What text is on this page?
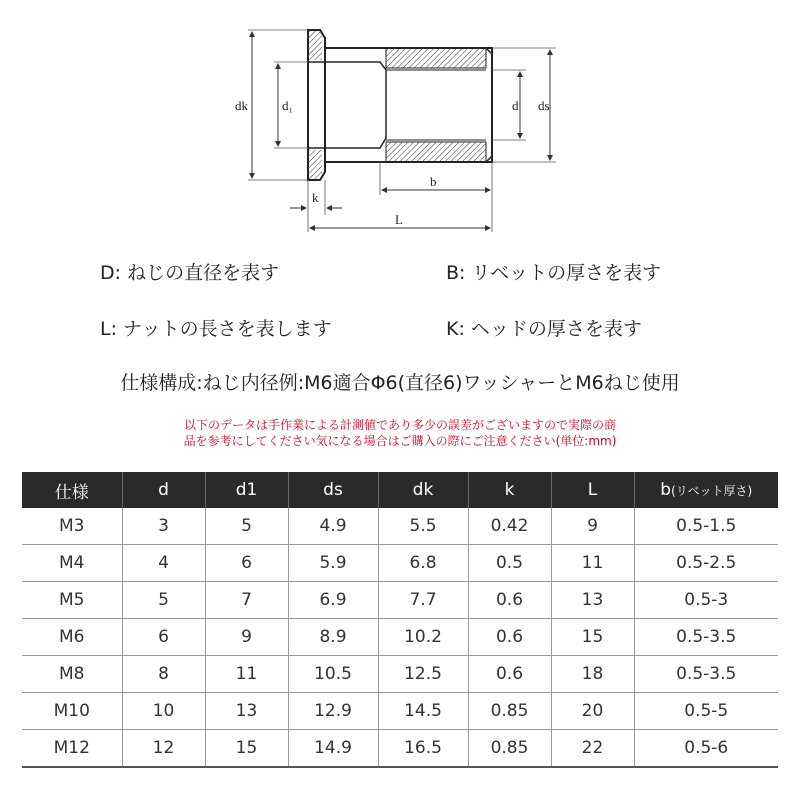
dk	d₁	d ds
b
k
L
D: ねじの直径を表す	B: リベットの厚さを表す
L: ナットの長さを表します	K: ヘッドの厚さを表す
仕様構成:ねじ内径例:M6適合Φ6(直径6)ワッシャーとM6ねじ使用
以下のデータは手作業による計測値であり多少の誤差がございますので実際の商
品を参考にしてください気になる場合はご購入の際にご注意ください(単位:mm)
仕様	d	d1	ds	dk	k	L	b(リベット厚さ)
M3	3	5	4.9	5.5	0.42	9	0.5-1.5
M4	4	6	5.9	6.8	0.5	11	0.5-2.5
M5	5	7	6.9	7.7	0.6	13	0.5-3
M6	6	9	8.9	10.2	0.6	15	0.5-3.5
M8	8	11	10.5	12.5	0.6	18	0.5-3.5
M10	10	13	12.9	14.5	0.85	20	0.5-5
M12	12	15	14.9	16.5	0.85	22	0.5-6
